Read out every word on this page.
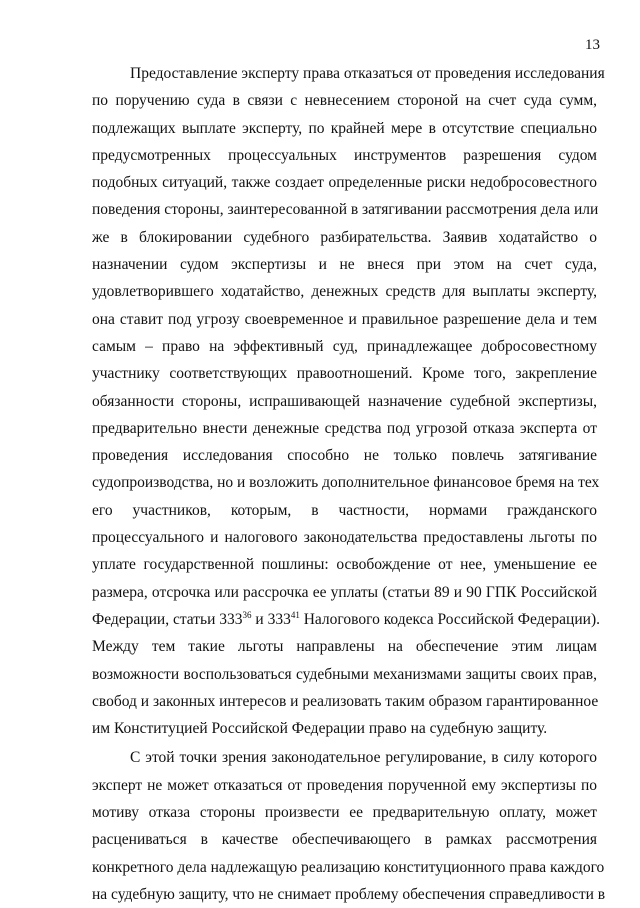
13
Предоставление эксперту права отказаться от проведения исследования
по поручению суда в связи с невнесением стороной на счет суда сумм,
подлежащих выплате эксперту, по крайней мере в отсутствие специально
предусмотренных процессуальных инструментов разрешения судом
подобных ситуаций, также создает определенные риски недобросовестного
поведения стороны, заинтересованной в затягивании рассмотрения дела или
же в блокировании судебного разбирательства. Заявив ходатайство о
назначении судом экспертизы и не внеся при этом на счет суда,
удовлетворившего ходатайство, денежных средств для выплаты эксперту,
она ставит под угрозу своевременное и правильное разрешение дела и тем
самым – право на эффективный суд, принадлежащее добросовестному
участнику соответствующих правоотношений. Кроме того, закрепление
обязанности стороны, испрашивающей назначение судебной экспертизы,
предварительно внести денежные средства под угрозой отказа эксперта от
проведения исследования способно не только повлечь затягивание
судопроизводства, но и возложить дополнительное финансовое бремя на тех
его участников, которым, в частности, нормами гражданского
процессуального и налогового законодательства предоставлены льготы по
уплате государственной пошлины: освобождение от нее, уменьшение ее
размера, отсрочка или рассрочка ее уплаты (статьи 89 и 90 ГПК Российской
Федерации, статьи $333^{36}$ и $333^{41}$ Налогового кодекса Российской Федерации).
Между тем такие льготы направлены на обеспечение этим лицам
возможности воспользоваться судебными механизмами защиты своих прав,
свобод и законных интересов и реализовать таким образом гарантированное
им Конституцией Российской Федерации право на судебную защиту.
С этой точки зрения законодательное регулирование, в силу которого
эксперт не может отказаться от проведения порученной ему экспертизы по
мотиву отказа стороны произвести ее предварительную оплату, может
расцениваться в качестве обеспечивающего в рамках рассмотрения
конкретного дела надлежащую реализацию конституционного права каждого
на судебную защиту, что не снимает проблему обеспечения справедливости в
